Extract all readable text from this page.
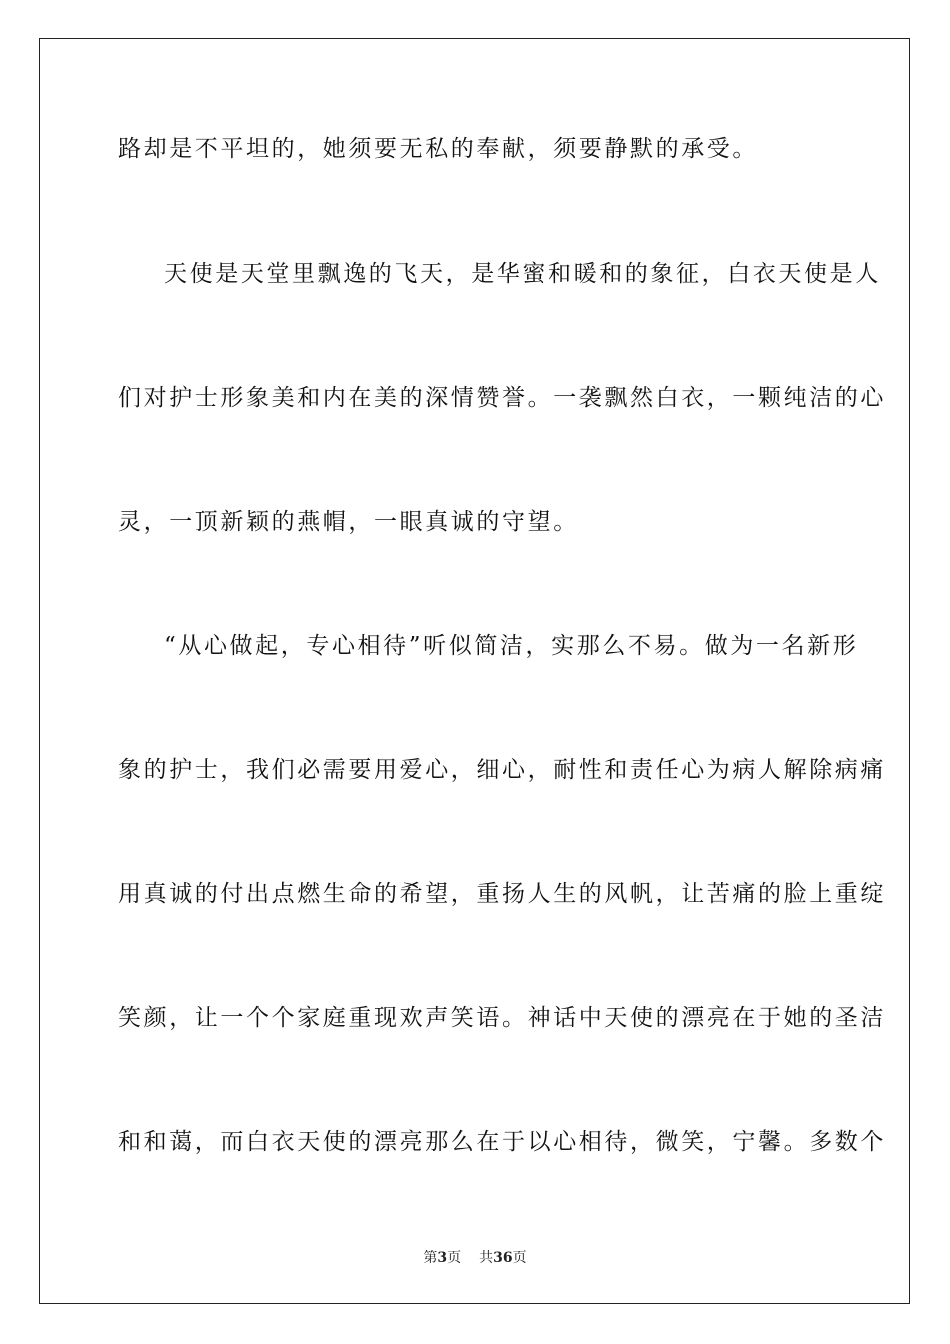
路却是不平坦的，她须要无私的奉献，须要静默的承受。
天使是天堂里飘逸的飞天，是华蜜和暖和的象征，白衣天使是人
们对护士形象美和内在美的深情赞誉。一袭飘然白衣，一颗纯洁的心
灵，一顶新颖的燕帽，一眼真诚的守望。
“从心做起，专心相待”听似简洁，实那么不易。做为一名新形
象的护士，我们必需要用爱心，细心，耐性和责任心为病人解除病痛
用真诚的付出点燃生命的希望，重扬人生的风帆，让苦痛的脸上重绽
笑颜，让一个个家庭重现欢声笑语。神话中天使的漂亮在于她的圣洁
和和蔼，而白衣天使的漂亮那么在于以心相待，微笑，宁馨。多数个
第3页 共36页
